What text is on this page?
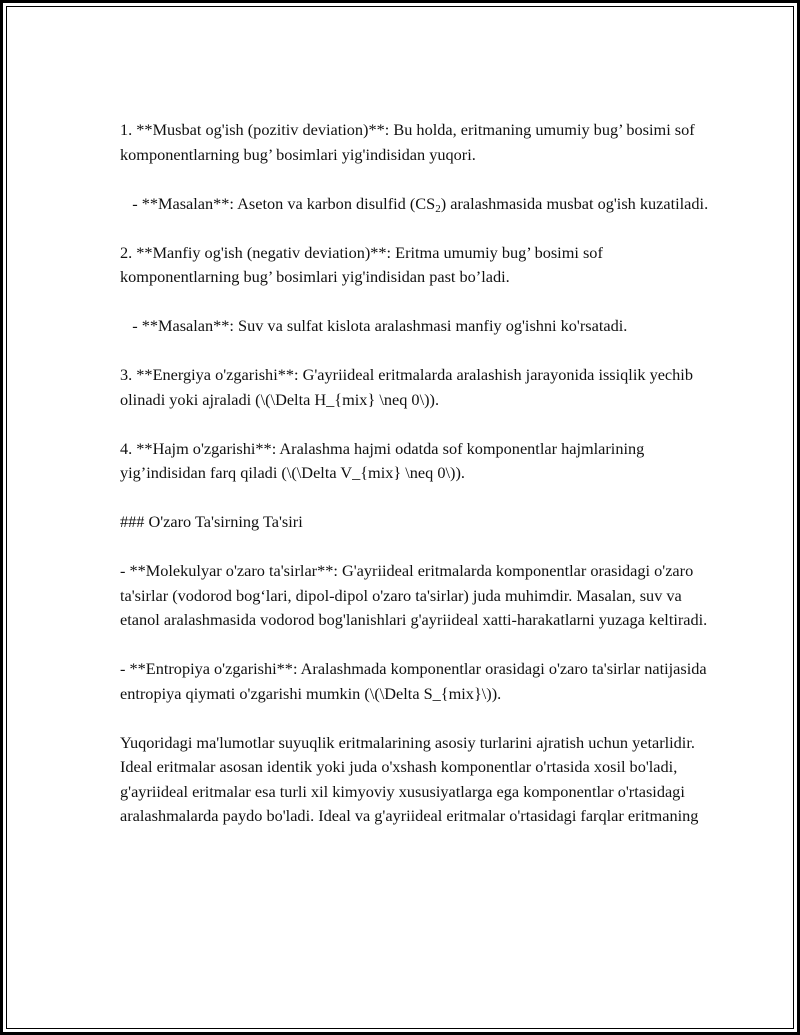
1. **Musbat og'ish (pozitiv deviation)**: Bu holda, eritmaning umumiy bug’ bosimi sof komponentlarning bug’ bosimlari yig'indisidan yuqori.

- **Masalan**: Aseton va karbon disulfid $(CS_2)$ aralashmasida musbat og'ish kuzatiladi.

2. **Manfiy og'ish (negativ deviation)**: Eritma umumiy bug’ bosimi sof komponentlarning bug’ bosimlari yig'indisidan past bo’ladi.

- **Masalan**: Suv va sulfat kislota aralashmasi manfiy og'ishni ko'rsatadi.

3. **Energiya o'zgarishi**: G'ayriideal eritmalarda aralashish jarayonida issiqlik yechib olinadi yoki ajraladi (\(\Delta H_{mix} \neq 0\)).

4. **Hajm o'zgarishi**: Aralashma hajmi odatda sof komponentlar hajmlarining yig’indisidan farq qiladi (\(\Delta V_{mix} \neq 0\)).

### O'zaro Ta'sirning Ta'siri

- **Molekulyar o'zaro ta'sirlar**: G'ayriideal eritmalarda komponentlar orasidagi o'zaro ta'sirlar (vodorod bog‘lari, dipol-dipol o'zaro ta'sirlar) juda muhimdir. Masalan, suv va etanol aralashmasida vodorod bog'lanishlari g'ayriideal xatti-harakatlarni yuzaga keltiradi.

- **Entropiya o'zgarishi**: Aralashmada komponentlar orasidagi o'zaro ta'sirlar natijasida entropiya qiymati o'zgarishi mumkin (\(\Delta S_{mix}\)).

Yuqoridagi ma'lumotlar suyuqlik eritmalarining asosiy turlarini ajratish uchun yetarlidir. Ideal eritmalar asosan identik yoki juda o'xshash komponentlar o'rtasida xosil bo'ladi, g'ayriideal eritmalar esa turli xil kimyoviy xususiyatlarga ega komponentlar o'rtasidagi aralashmalarda paydo bo'ladi. Ideal va g'ayriideal eritmalar o'rtasidagi farqlar eritmaning
